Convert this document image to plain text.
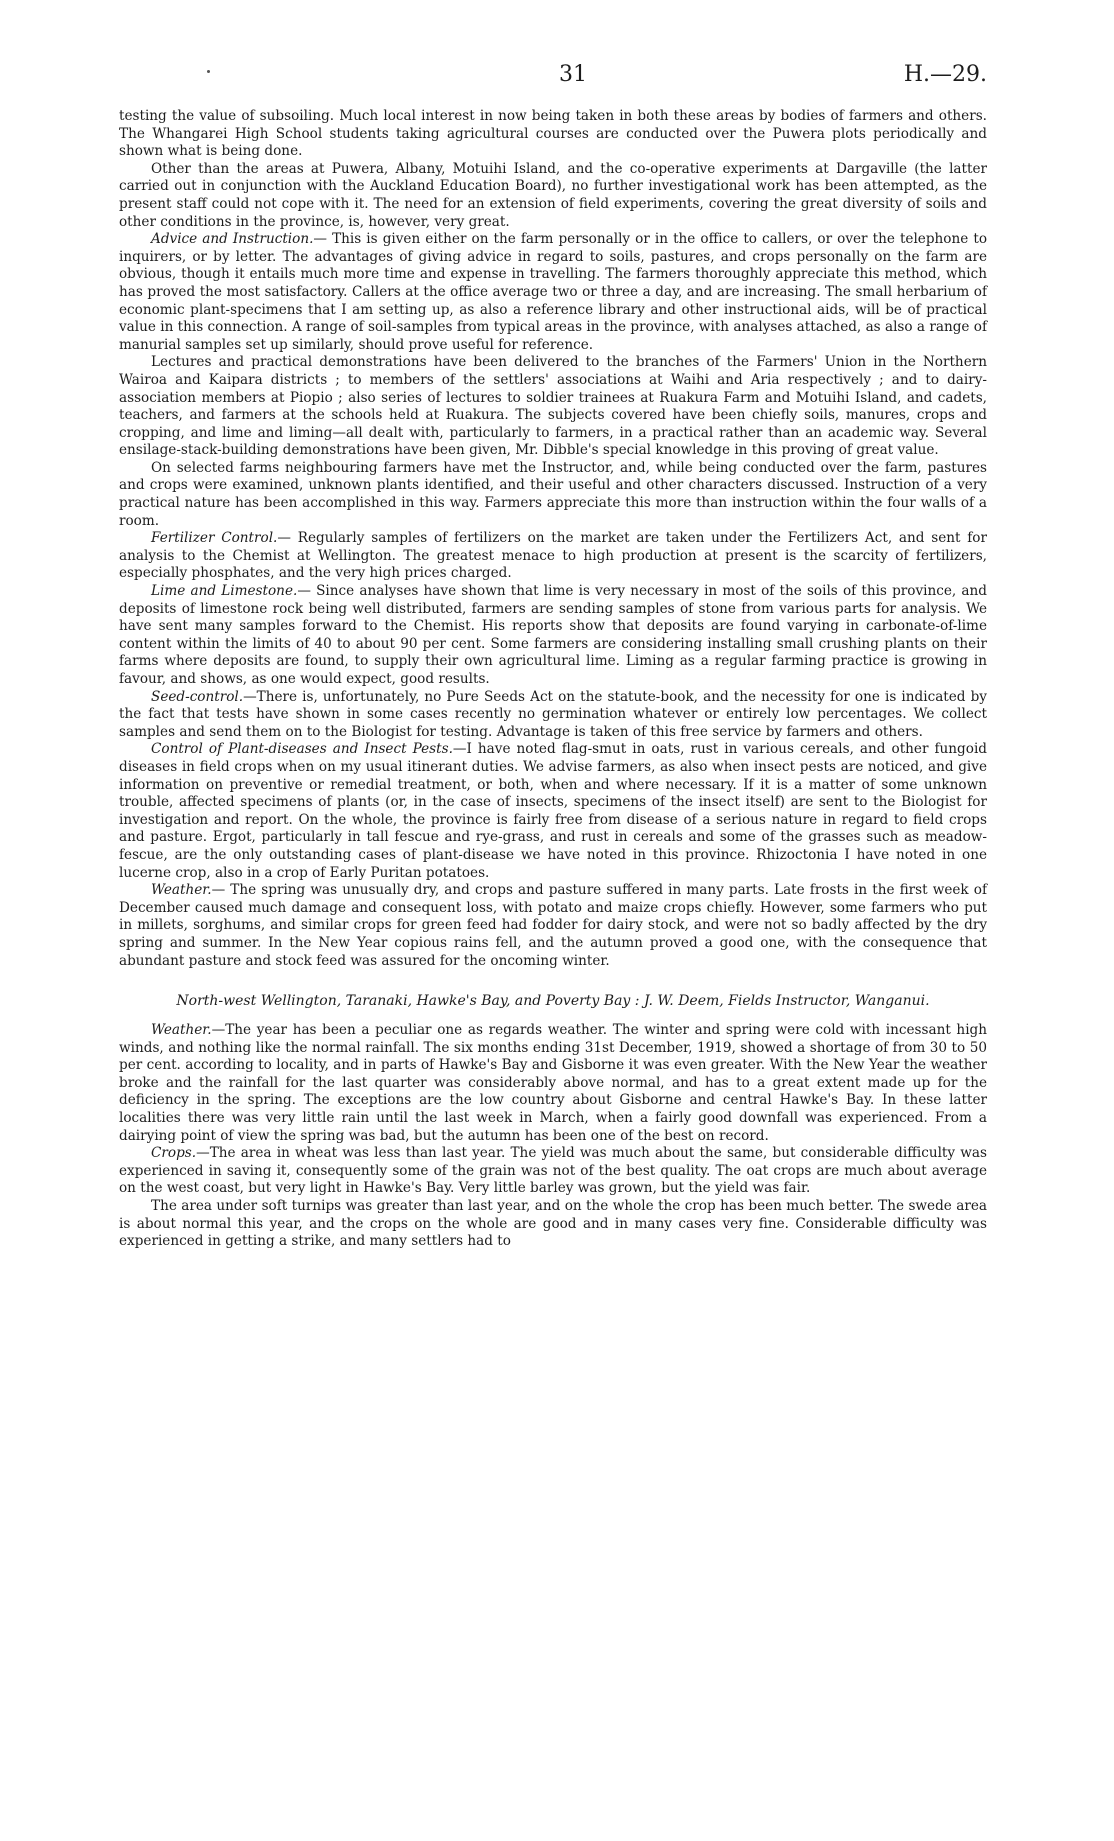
31	H.—29.

testing the value of subsoiling. Much local interest in now being taken in both these areas by bodies of farmers and others. The Whangarei High School students taking agricultural courses are conducted over the Puwera plots periodically and shown what is being done.

Other than the areas at Puwera, Albany, Motuihi Island, and the co-operative experiments at Dargaville (the latter carried out in conjunction with the Auckland Education Board), no further investigational work has been attempted, as the present staff could not cope with it. The need for an extension of field experiments, covering the great diversity of soils and other conditions in the province, is, however, very great.

Advice and Instruction.— This is given either on the farm personally or in the office to callers, or over the telephone to inquirers, or by letter. The advantages of giving advice in regard to soils, pastures, and crops personally on the farm are obvious, though it entails much more time and expense in travelling. The farmers thoroughly appreciate this method, which has proved the most satisfactory. Callers at the office average two or three a day, and are increasing. The small herbarium of economic plant-specimens that I am setting up, as also a reference library and other instructional aids, will be of practical value in this connection. A range of soil-samples from typical areas in the province, with analyses attached, as also a range of manurial samples set up similarly, should prove useful for reference.

Lectures and practical demonstrations have been delivered to the branches of the Farmers' Union in the Northern Wairoa and Kaipara districts ; to members of the settlers' associations at Waihi and Aria respectively ; and to dairy-association members at Piopio ; also series of lectures to soldier trainees at Ruakura Farm and Motuihi Island, and cadets, teachers, and farmers at the schools held at Ruakura. The subjects covered have been chiefly soils, manures, crops and cropping, and lime and liming—all dealt with, particularly to farmers, in a practical rather than an academic way. Several ensilage-stack-building demonstrations have been given, Mr. Dibble's special knowledge in this proving of great value.

On selected farms neighbouring farmers have met the Instructor, and, while being conducted over the farm, pastures and crops were examined, unknown plants identified, and their useful and other characters discussed. Instruction of a very practical nature has been accomplished in this way. Farmers appreciate this more than instruction within the four walls of a room.

Fertilizer Control.— Regularly samples of fertilizers on the market are taken under the Fertilizers Act, and sent for analysis to the Chemist at Wellington. The greatest menace to high production at present is the scarcity of fertilizers, especially phosphates, and the very high prices charged.

Lime and Limestone.— Since analyses have shown that lime is very necessary in most of the soils of this province, and deposits of limestone rock being well distributed, farmers are sending samples of stone from various parts for analysis. We have sent many samples forward to the Chemist. His reports show that deposits are found varying in carbonate-of-lime content within the limits of 40 to about 90 per cent. Some farmers are considering installing small crushing plants on their farms where deposits are found, to supply their own agricultural lime. Liming as a regular farming practice is growing in favour, and shows, as one would expect, good results.

Seed-control.—There is, unfortunately, no Pure Seeds Act on the statute-book, and the necessity for one is indicated by the fact that tests have shown in some cases recently no germination whatever or entirely low percentages. We collect samples and send them on to the Biologist for testing. Advantage is taken of this free service by farmers and others.

Control of Plant-diseases and Insect Pests.—I have noted flag-smut in oats, rust in various cereals, and other fungoid diseases in field crops when on my usual itinerant duties. We advise farmers, as also when insect pests are noticed, and give information on preventive or remedial treatment, or both, when and where necessary. If it is a matter of some unknown trouble, affected specimens of plants (or, in the case of insects, specimens of the insect itself) are sent to the Biologist for investigation and report. On the whole, the province is fairly free from disease of a serious nature in regard to field crops and pasture. Ergot, particularly in tall fescue and rye-grass, and rust in cereals and some of the grasses such as meadow-fescue, are the only outstanding cases of plant-disease we have noted in this province. Rhizoctonia I have noted in one lucerne crop, also in a crop of Early Puritan potatoes.

Weather.— The spring was unusually dry, and crops and pasture suffered in many parts. Late frosts in the first week of December caused much damage and consequent loss, with potato and maize crops chiefly. However, some farmers who put in millets, sorghums, and similar crops for green feed had fodder for dairy stock, and were not so badly affected by the dry spring and summer. In the New Year copious rains fell, and the autumn proved a good one, with the consequence that abundant pasture and stock feed was assured for the oncoming winter.

North-west Wellington, Taranaki, Hawke's Bay, and Poverty Bay : J. W. Deem, Fields Instructor, Wanganui.

Weather.—The year has been a peculiar one as regards weather. The winter and spring were cold with incessant high winds, and nothing like the normal rainfall. The six months ending 31st December, 1919, showed a shortage of from 30 to 50 per cent. according to locality, and in parts of Hawke's Bay and Gisborne it was even greater. With the New Year the weather broke and the rainfall for the last quarter was considerably above normal, and has to a great extent made up for the deficiency in the spring. The exceptions are the low country about Gisborne and central Hawke's Bay. In these latter localities there was very little rain until the last week in March, when a fairly good downfall was experienced. From a dairying point of view the spring was bad, but the autumn has been one of the best on record.

Crops.—The area in wheat was less than last year. The yield was much about the same, but considerable difficulty was experienced in saving it, consequently some of the grain was not of the best quality. The oat crops are much about average on the west coast, but very light in Hawke's Bay. Very little barley was grown, but the yield was fair.

The area under soft turnips was greater than last year, and on the whole the crop has been much better. The swede area is about normal this year, and the crops on the whole are good and in many cases very fine. Considerable difficulty was experienced in getting a strike, and many settlers had to
